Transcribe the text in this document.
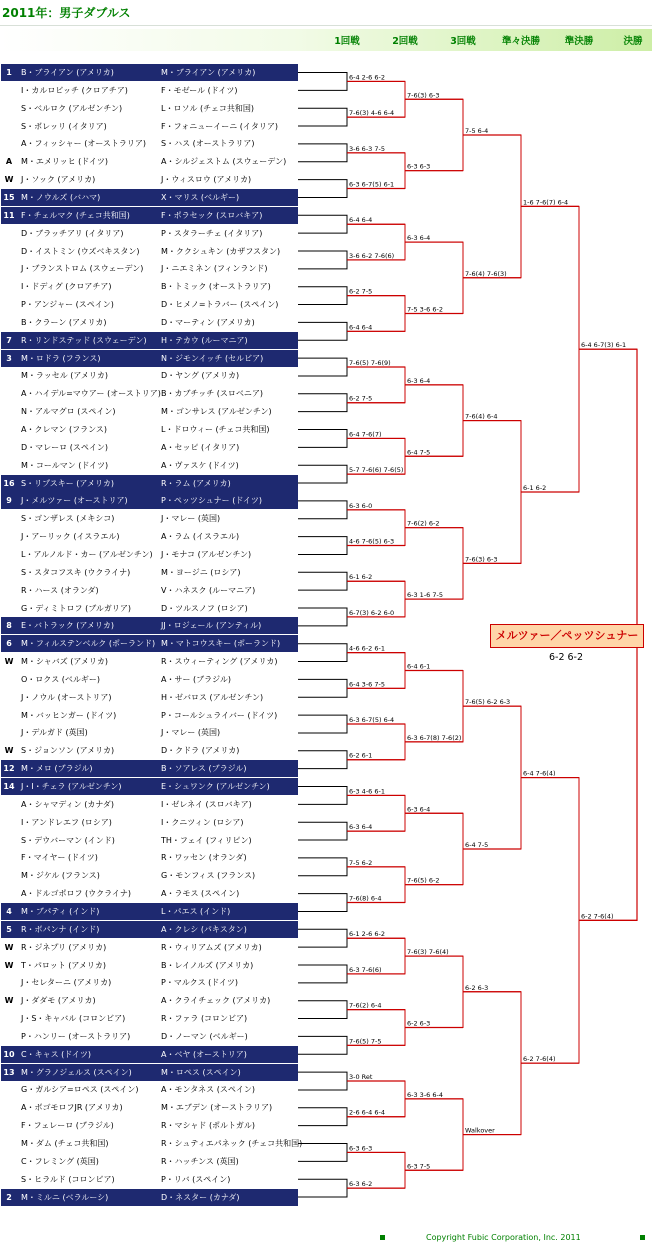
2011年：男子ダブルス
1回戦	2回戦	3回戦	準々決勝	準決勝	決勝
1	B・ブライアン (アメリカ)	M・ブライアン (アメリカ)
I・カルロビッチ (クロアチア)	F・モゼール (ドイツ)
S・ベルロク (アルゼンチン)	L・ロソル (チェコ共和国)
S・ボレッリ (イタリア)	F・フォニューイーニ (イタリア)
A・フィッシャー (オーストラリア) S・ハス (オーストラリア)
A	M・エメリッヒ (ドイツ)	A・シルジェストム (スウェーデン)
W J・ソック (アメリカ)	J・ウィスロウ (アメリカ)
15 M・ノウルズ (バハマ)	X・マリス (ベルギー)
11 F・チェルマク (チェコ共和国)	F・ポラセック (スロバキア)
D・ブラッチアリ (イタリア)	P・スタラーチェ (イタリア)
D・イストミン (ウズベキスタン)	M・ククシュキン (カザフスタン)
J・ブランストロム (スウェーデン) J・ニエミネン (フィンランド)
I・ドディグ (クロアチア)	B・トミック (オーストラリア)
P・アンジャー (スペイン)	D・ヒメノ=トラバー (スペイン)
B・クラーン (アメリカ)	D・マーティン (アメリカ)
7	R・リンドステッド (スウェーデン) H・テカウ (ルーマニア)
3	M・ロドラ (フランス)	N・ジモンイッチ (セルビア)
M・ラッセル (アメリカ)	D・ヤング (アメリカ)
A・ハイデル=マウアー (オーストリア) B・カブチッチ (スロベニア)
N・アルマグロ (スペイン)	M・ゴンサレス (アルゼンチン)
A・クレマン (フランス)	L・ドロウィー (チェコ共和国)
D・マレーロ (スペイン)	A・セッピ (イタリア)
M・コールマン (ドイツ)	A・ヴァスケ (ドイツ)
16 S・リプスキー (アメリカ)	R・ラム (アメリカ)
9	J・メルツァー (オーストリア)	P・ペッツシュナー (ドイツ)
S・ゴンザレス (メキシコ)	J・マレー (英国)
J・アーリック (イスラエル)	A・ラム (イスラエル)
L・アルノルド・カー (アルゼンチン) J・モナコ (アルゼンチン)
S・スタコフスキ (ウクライナ)	M・ヨージニ (ロシア)
R・ハース (オランダ)	V・ハネスク (ルーマニア)
G・ディミトロフ (ブルガリア)	D・ツルスノフ (ロシア)
8	E・バトラック (アメリカ)	JJ・ロジェール (アンティル)
6	M・フィルステンベルク (ポーランド) M・マトコウスキー (ポーランド)
W M・シャバズ (アメリカ)	R・スウィーティング (アメリカ)
O・ロクス (ベルギー)	A・サー (ブラジル)
J・ノウル (オーストリア)	H・ゼバロス (アルゼンチン)
M・バッヒンガー (ドイツ)	P・コールシュライバー (ドイツ)
J・デルガド (英国)	J・マレー (英国)
W S・ジョンソン (アメリカ)	D・クドラ (アメリカ)
12 M・メロ (ブラジル)	B・ソアレス (ブラジル)
14 J・I・チェラ (アルゼンチン)	E・シュワンク (アルゼンチン)
A・シャマディン (カナダ)	I・ゼレネイ (スロバキア)
I・アンドレエフ (ロシア)	I・クニツィン (ロシア)
S・デウバーマン (インド)	TH・フェイ (フィリピン)
F・マイヤー (ドイツ)	R・ワッセン (オランダ)
M・ジケル (フランス)	G・モンフィス (フランス)
A・ドルゴポロフ (ウクライナ)	A・ラモス (スペイン)
4	M・ブパティ (インド)	L・パエス (インド)
5	R・ボパンナ (インド)	A・クレシ (パキスタン)
W R・ジネプリ (アメリカ)	R・ウィリアムズ (アメリカ)
W T・パロット (アメリカ)	B・レイノルズ (アメリカ)
J・セレターニ (アメリカ)	P・マルクス (ドイツ)
W J・ダダモ (アメリカ)	A・クライチェック (アメリカ)
J・S・キャバル (コロンビア)	R・ファラ (コロンビア)
P・ハンリー (オーストラリア)	D・ノーマン (ベルギー)
10 C・キャス (ドイツ)	A・ベヤ (オーストリア)
13 M・グラノジェルス (スペイン)	M・ロペス (スペイン)
G・ガルシア=ロペス (スペイン)	A・モンタネス (スペイン)
A・ボゴモロフJR (アメリカ)	M・エブデン (オーストラリア)
F・フェレーロ (ブラジル)	R・マシャド (ポルトガル)
M・ダム (チェコ共和国)	R・シュティエパネック (チェコ共和国)
C・フレミング (英国)	R・ハッチンス (英国)
S・ヒラルド (コロンビア)	P・リバ (スペイン)
2	M・ミルニ (ベラルーシ)	D・ネスター (カナダ)
6-4 2-6 6-2
7-6(3) 4-6 6-4
3-6 6-3 7-5
6-3 6-7(5) 6-1
6-4 6-4
3-6 6-2 7-6(6)
6-2 7-5
6-4 6-4
7-6(5) 7-6(9)
6-2 7-5
6-4 7-6(7)
5-7 7-6(6) 7-6(5)
6-3 6-0
4-6 7-6(5) 6-3
6-1 6-2
6-7(3) 6-2 6-0
4-6 6-2 6-1
6-4 3-6 7-5
6-3 6-7(5) 6-4
6-2 6-1
6-3 4-6 6-1
6-3 6-4
7-5 6-2
7-6(8) 6-4
6-1 2-6 6-2
6-3 7-6(6)
7-6(2) 6-4
7-6(5) 7-5
3-0 Ret
2-6 6-4 6-4
6-3 6-3
6-3 6-2
7-6(3) 6-3
6-3 6-3
6-3 6-4
7-5 3-6 6-2
6-3 6-4
6-4 7-5
7-6(2) 6-2
6-3 1-6 7-5
6-4 6-1
6-3 6-7(8) 7-6(2)
6-3 6-4
7-6(5) 6-2
7-6(3) 7-6(4)
6-2 6-3
6-3 3-6 6-4
6-3 7-5
7-5 6-4
7-6(4) 7-6(3)
7-6(4) 6-4
7-6(3) 6-3
7-6(5) 6-2 6-3
6-4 7-5
6-2 6-3
Walkover
1-6 7-6(7) 6-4
6-1 6-2
6-4 7-6(4)
6-2 7-6(4)
6-4 6-7(3) 6-1
6-2 7-6(4)
メルツァー／ペッツシュナー
6-2 6-2
Copyright Fubic Corporation, Inc. 2011
